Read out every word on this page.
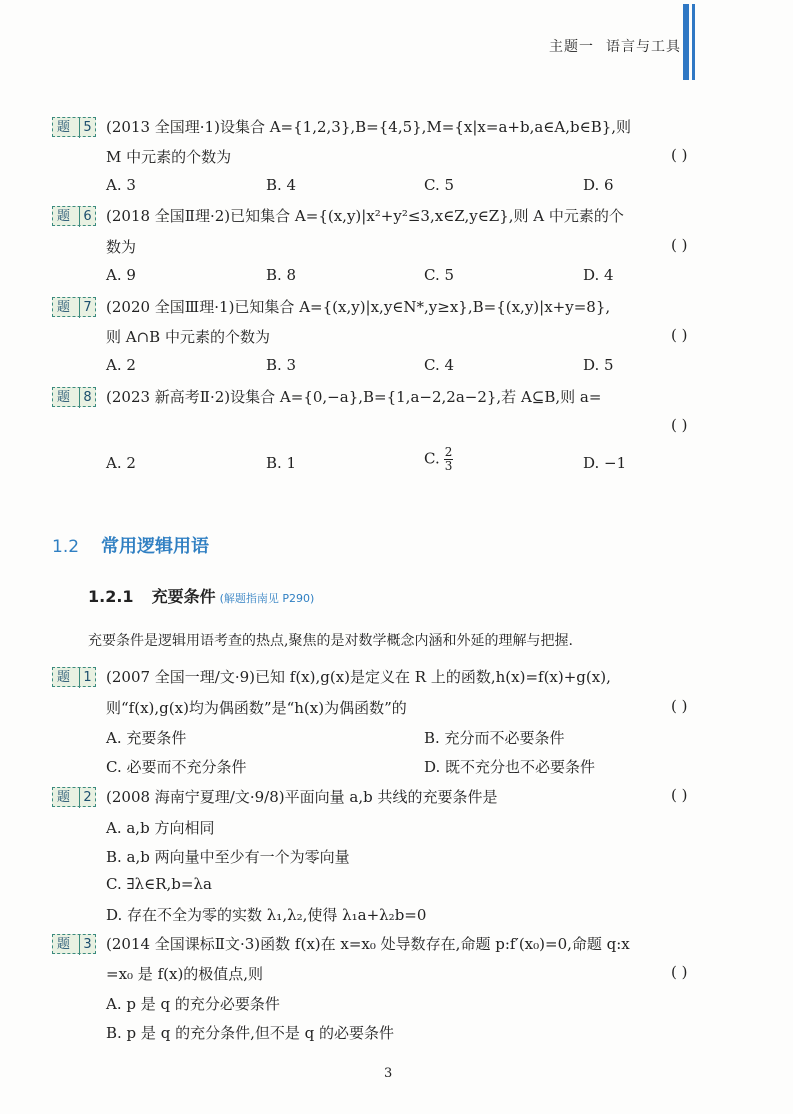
主题一 语言与工具
题	5 (2013 全国理·1)设集合 A={1,2,3},B={4,5},M={x|x=a+b,a∈A,b∈B},则
M 中元素的个数为	( )
A. 3	B. 4	C. 5	D. 6
题	6 (2018 全国Ⅱ理·2)已知集合 A={(x,y)|x²+y²≤3,x∈Z,y∈Z},则 A 中元素的个
数为	( )
A. 9	B. 8	C. 5	D. 4
题	7 (2020 全国Ⅲ理·1)已知集合 A={(x,y)|x,y∈N*,y≥x},B={(x,y)|x+y=8},
则 A∩B 中元素的个数为	( )
A. 2	B. 3	C. 4	D. 5
题	8 (2023 新高考Ⅱ·2)设集合 A={0,−a},B={1,a−2,2a−2},若 A⊆B,则 a=
( )
A. 2	B. 1	C. $\frac{2}{3}$	D. −1
1.2 常用逻辑用语
1.2.1 充要条件 (解题指南见 P290)
充要条件是逻辑用语考查的热点,聚焦的是对数学概念内涵和外延的理解与把握.
题	1 (2007 全国一理/文·9)已知 f(x),g(x)是定义在 R 上的函数,h(x)=f(x)+g(x),
则“f(x),g(x)均为偶函数”是“h(x)为偶函数”的	( )
A. 充要条件	B. 充分而不必要条件
C. 必要而不充分条件	D. 既不充分也不必要条件
题	2 (2008 海南宁夏理/文·9/8)平面向量 a,b 共线的充要条件是	( )
A. a,b 方向相同
B. a,b 两向量中至少有一个为零向量
C. ∃λ∈R,b=λa
D. 存在不全为零的实数 λ₁,λ₂,使得 λ₁a+λ₂b=0
题	3 (2014 全国课标Ⅱ文·3)函数 f(x)在 x=x₀ 处导数存在,命题 p:f′(x₀)=0,命题 q:x
=x₀ 是 f(x)的极值点,则	( )
A. p 是 q 的充分必要条件
B. p 是 q 的充分条件,但不是 q 的必要条件
3
